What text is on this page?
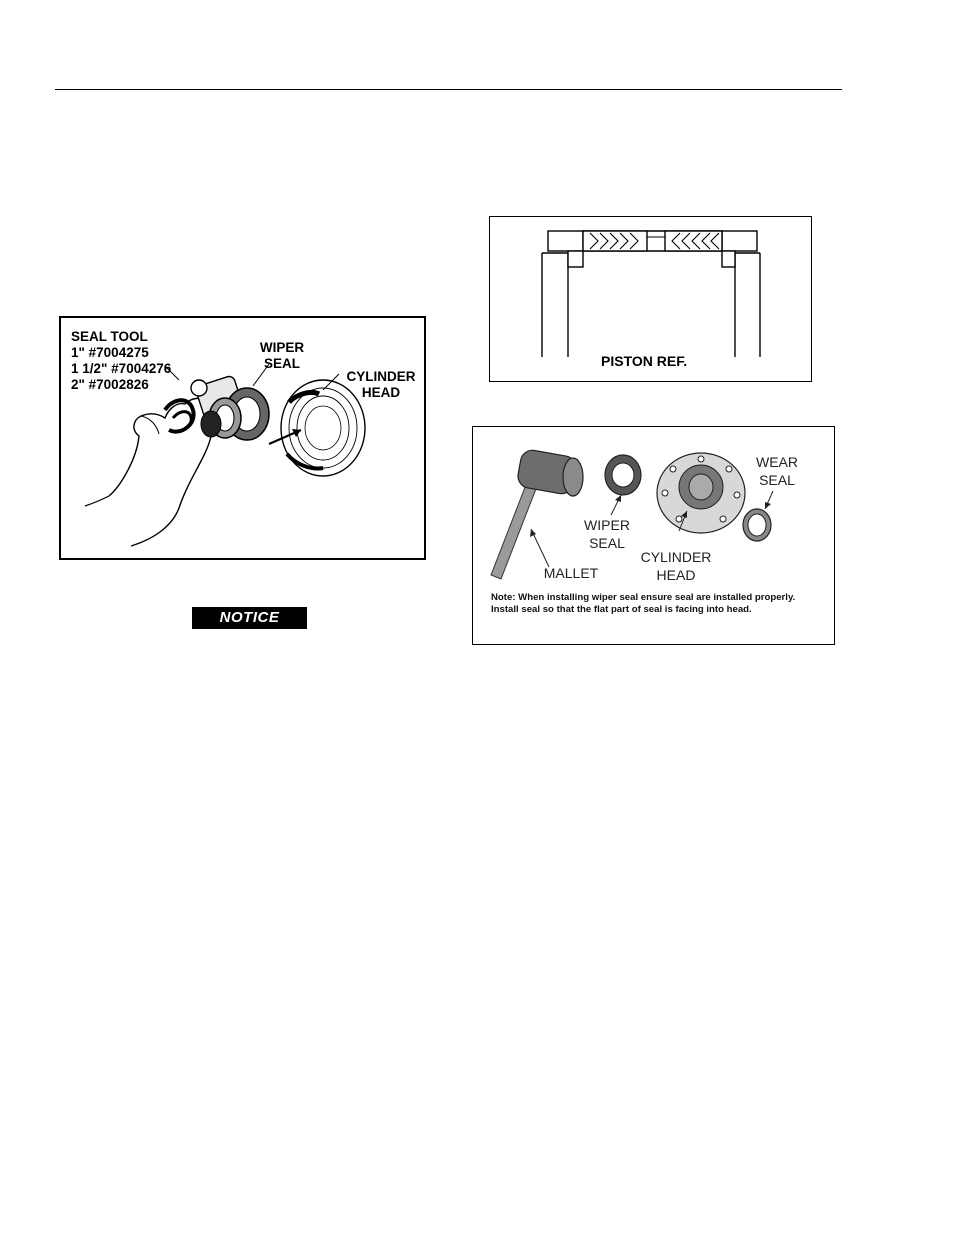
SEAL TOOL
1" #7004275
1 1/2" #7004276
2" #7002826
WIPER
SEAL
CYLINDER
HEAD
PISTON REF.
WEAR
SEAL
WIPER
SEAL
CYLINDER
HEAD
MALLET
Note: When installing wiper seal ensure seal are installed properly. Install seal so that the flat part of seal is facing into head.
NOTICE
